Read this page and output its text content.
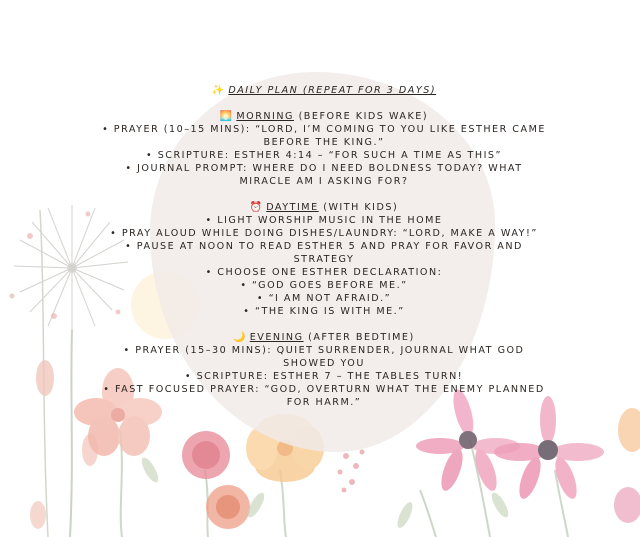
✨ DAILY PLAN (REPEAT FOR 3 DAYS)

🌅 MORNING (BEFORE KIDS WAKE)

• PRAYER (10–15 MINS): “LORD, I’M COMING TO YOU LIKE ESTHER CAME BEFORE THE KING.”

• SCRIPTURE: ESTHER 4:14 – “FOR SUCH A TIME AS THIS”

• JOURNAL PROMPT: WHERE DO I NEED BOLDNESS TODAY? WHAT MIRACLE AM I ASKING FOR?

⏰ DAYTIME (WITH KIDS)

• LIGHT WORSHIP MUSIC IN THE HOME

• PRAY ALOUD WHILE DOING DISHES/LAUNDRY: “LORD, MAKE A WAY!”

• PAUSE AT NOON TO READ ESTHER 5 AND PRAY FOR FAVOR AND STRATEGY

• CHOOSE ONE ESTHER DECLARATION:

• “GOD GOES BEFORE ME.”

• “I AM NOT AFRAID.”

• “THE KING IS WITH ME.”

🌙 EVENING (AFTER BEDTIME)

• PRAYER (15–30 MINS): QUIET SURRENDER, JOURNAL WHAT GOD SHOWED YOU

• SCRIPTURE: ESTHER 7 – THE TABLES TURN!

• FAST FOCUSED PRAYER: “GOD, OVERTURN WHAT THE ENEMY PLANNED FOR HARM.”
